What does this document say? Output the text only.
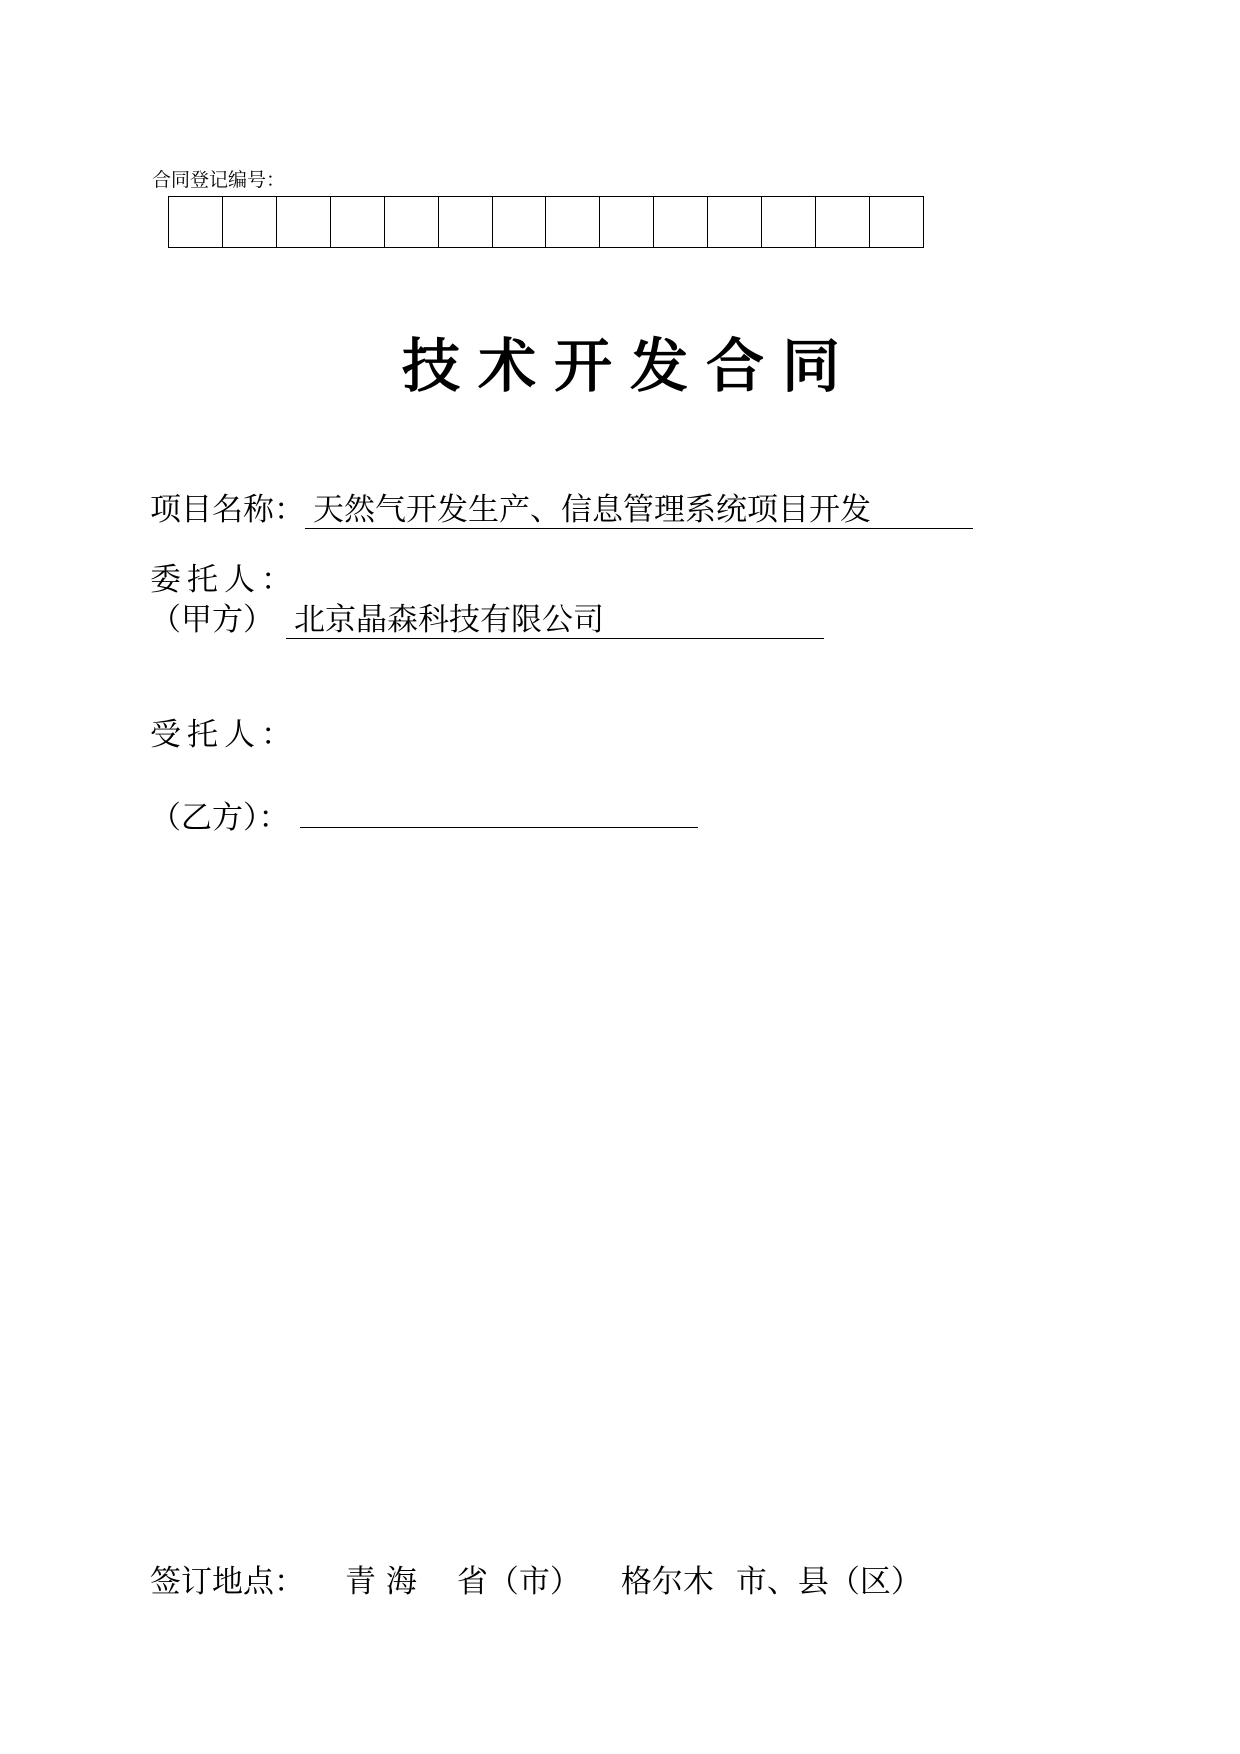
合同登记编号：
技术开发合同
项目名称： 天然气开发生产、信息管理系统项目开发
委托人：
（甲方） 北京晶森科技有限公司
受托人：
（乙方）：
签订地点： 青 海 省（市） 格尔木 市、县（区）
